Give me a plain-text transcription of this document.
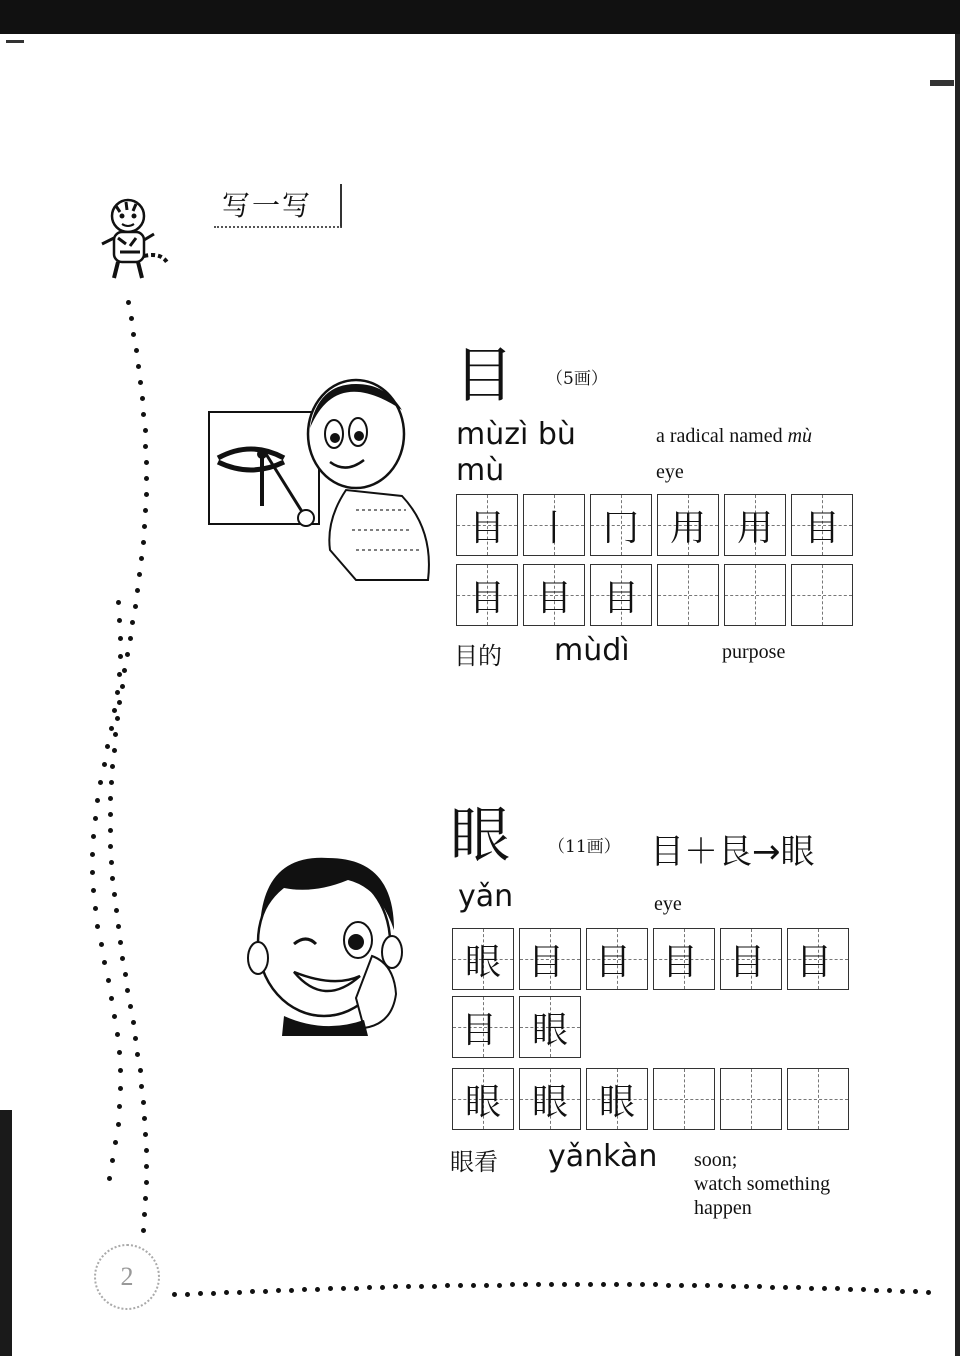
写一写
目 （5画）
mùzì bù	a radical named mù
mù	eye
目 丨 冂 用 用 目
目 目 目
目的 mùdì	purpose
眼 （11画） 目＋艮→眼
yǎn	eye
眼 目 目 目 目 目
目 眼
眼 眼 眼
眼看 yǎnkàn soon;
watch something
happen
2
